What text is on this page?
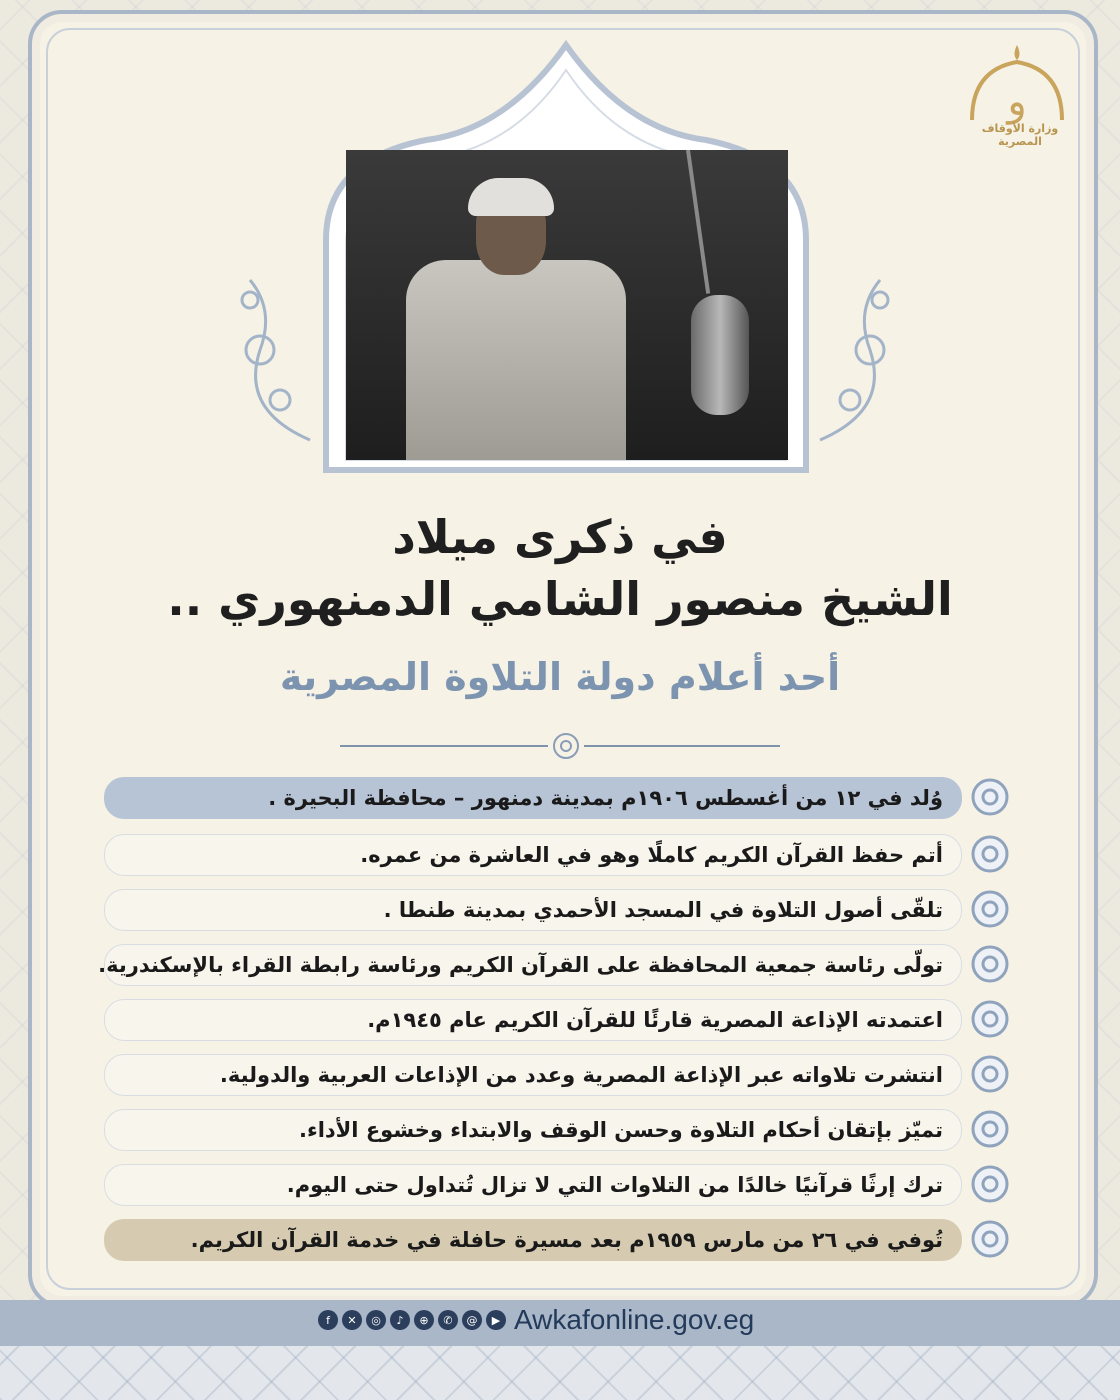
و
وزارة الأوقاف المصرية
في ذكرى ميلاد
الشيخ منصور الشامي الدمنهوري ..
أحد أعلام دولة التلاوة المصرية
وُلد في ١٢ من أغسطس ١٩٠٦م بمدينة دمنهور – محافظة البحيرة .
أتم حفظ القرآن الكريم كاملًا وهو في العاشرة من عمره.
تلقّى أصول التلاوة في المسجد الأحمدي بمدينة طنطا .
تولّى رئاسة جمعية المحافظة على القرآن الكريم ورئاسة رابطة القراء بالإسكندرية.
اعتمدته الإذاعة المصرية قارئًا للقرآن الكريم عام ١٩٤٥م.
انتشرت تلاواته عبر الإذاعة المصرية وعدد من الإذاعات العربية والدولية.
تميّز بإتقان أحكام التلاوة وحسن الوقف والابتداء وخشوع الأداء.
ترك إرثًا قرآنيًا خالدًا من التلاوات التي لا تزال تُتداول حتى اليوم.
تُوفي في ٢٦ من مارس ١٩٥٩م بعد مسيرة حافلة في خدمة القرآن الكريم.
f	✕	◎	♪	⊕	✆	@	▶ Awkafonline.gov.eg
